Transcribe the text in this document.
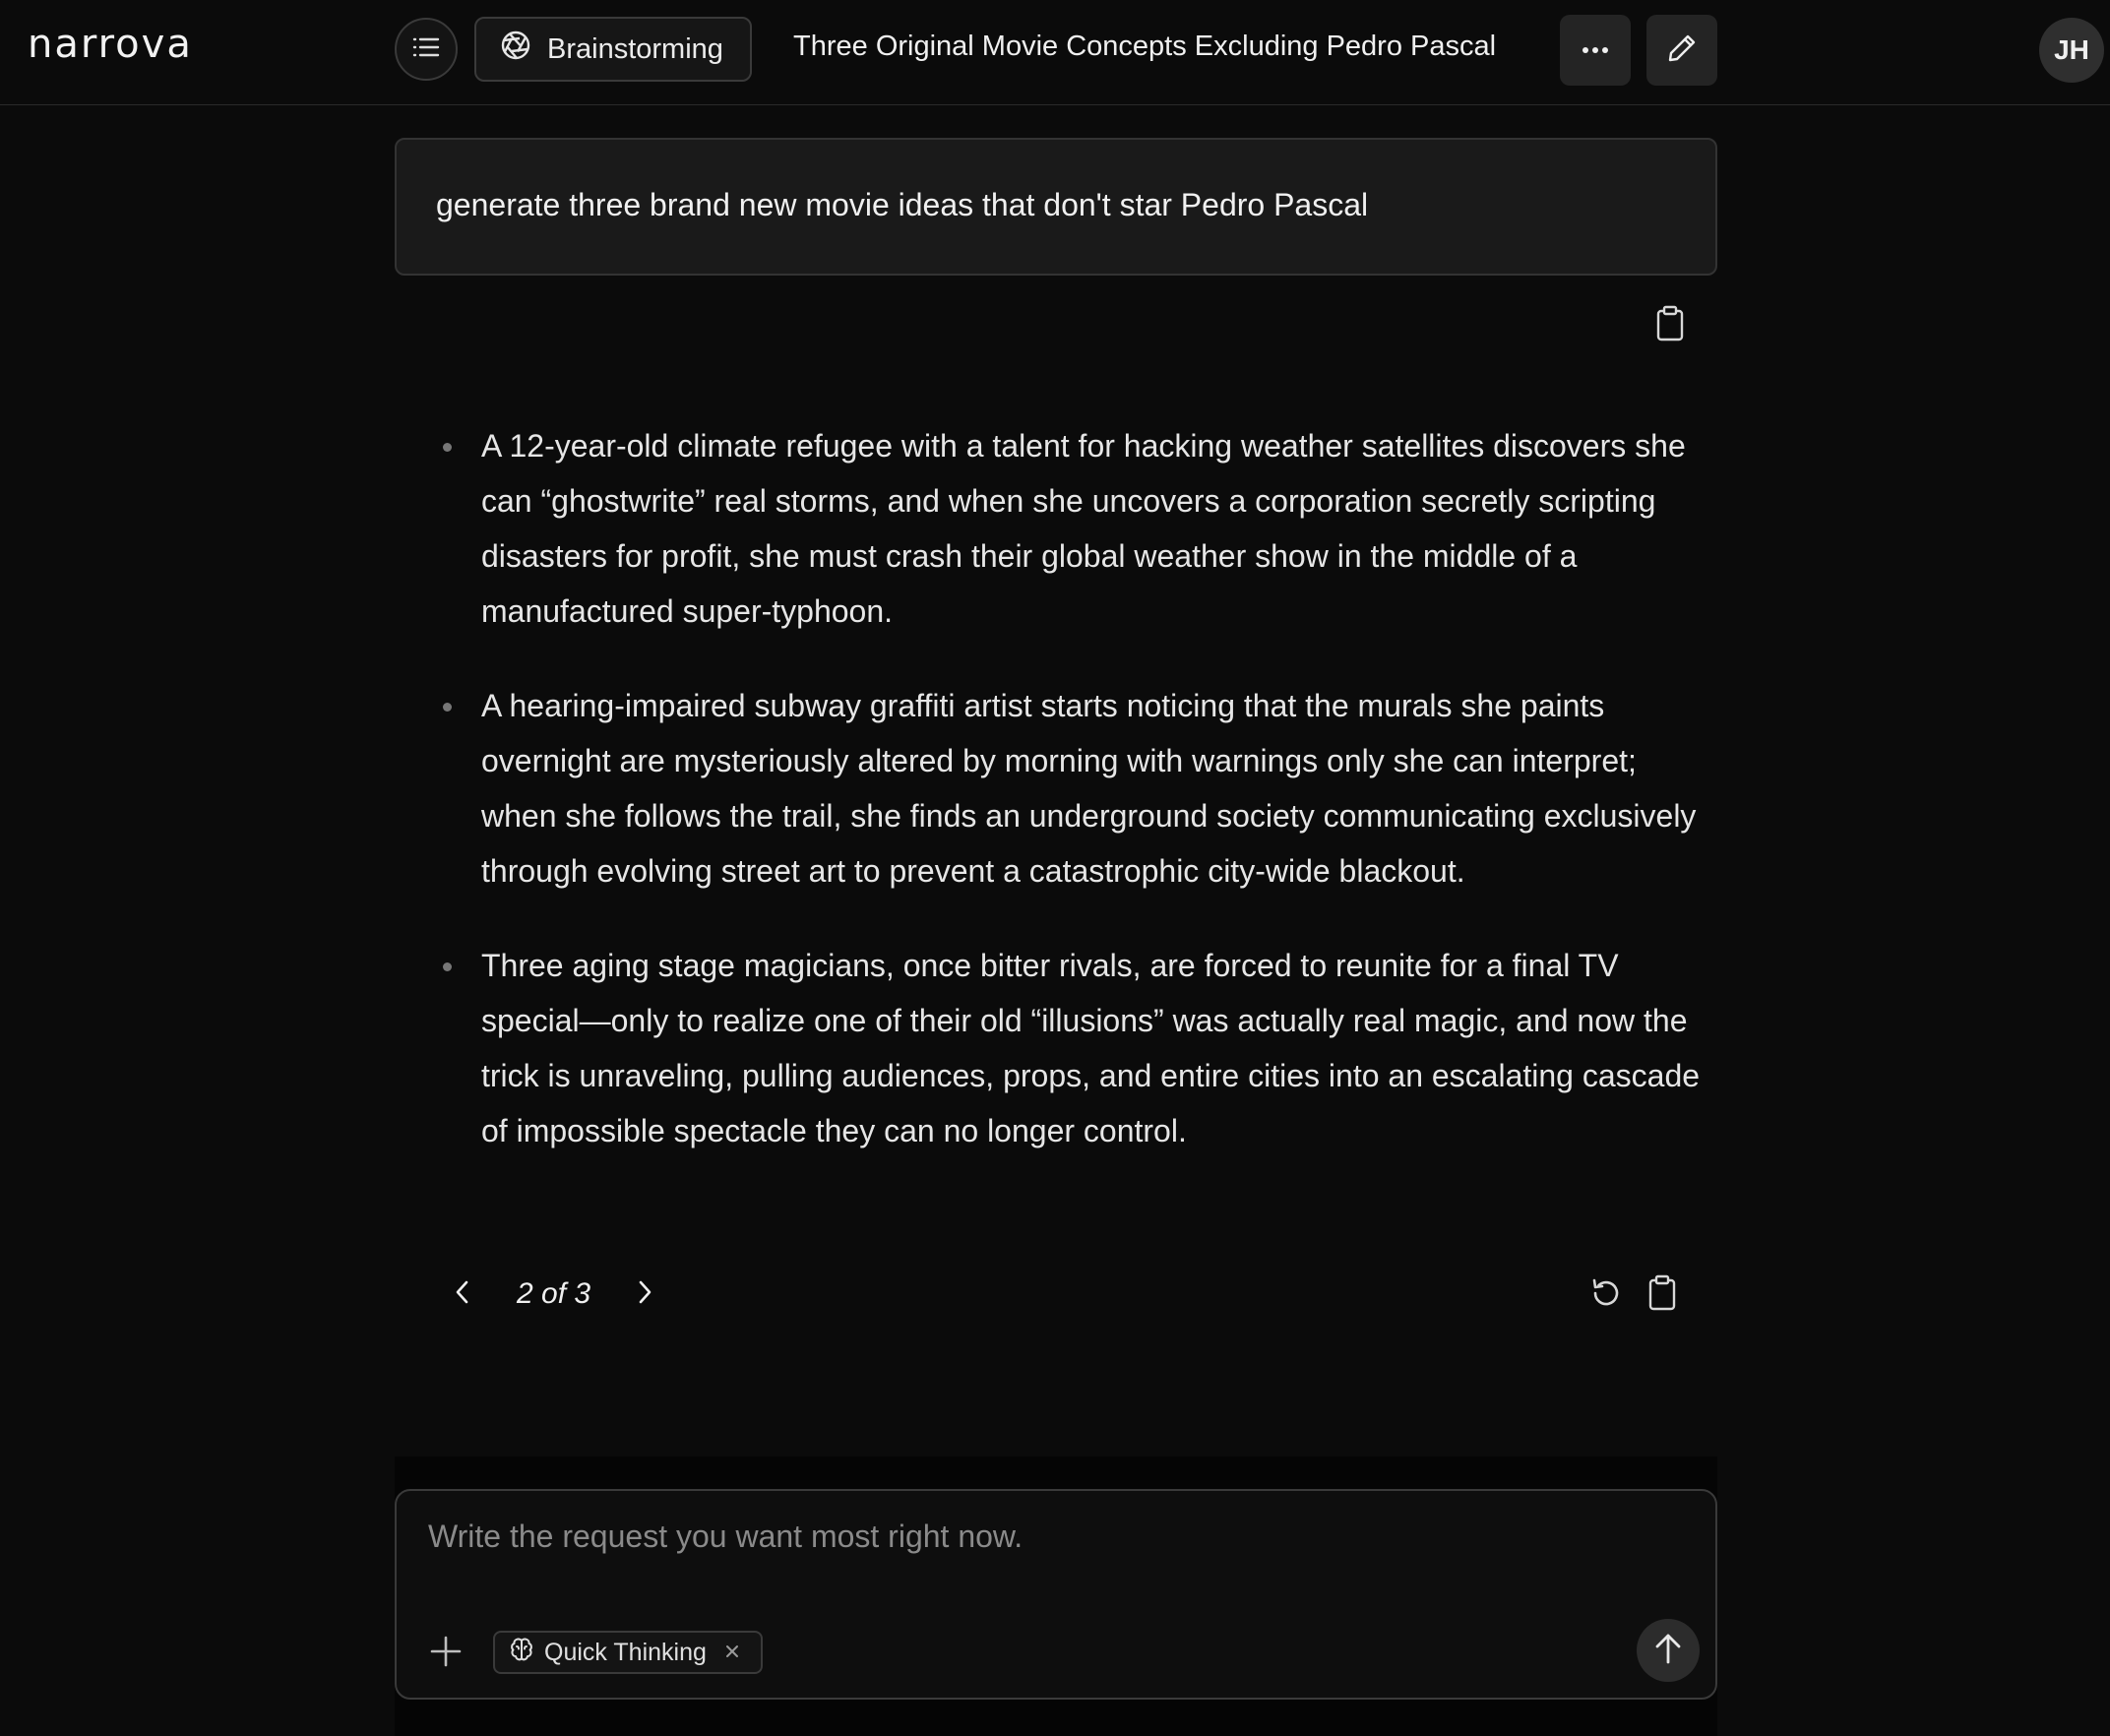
narrova	Brainstorming Three Original Movie Concepts Excluding Pedro Pascal	JH
generate three brand new movie ideas that don't star Pedro Pascal
A 12-year-old climate refugee with a talent for hacking weather satellites discovers she can “ghostwrite” real storms, and when she uncovers a corporation secretly scripting disasters for profit, she must crash their global weather show in the middle of a manufactured super-typhoon.
A hearing-impaired subway graffiti artist starts noticing that the murals she paints overnight are mysteriously altered by morning with warnings only she can interpret; when she follows the trail, she finds an underground society communicating exclusively through evolving street art to prevent a catastrophic city-wide blackout.
Three aging stage magicians, once bitter rivals, are forced to reunite for a final TV special—only to realize one of their old “illusions” was actually real magic, and now the trick is unraveling, pulling audiences, props, and entire cities into an escalating cascade of impossible spectacle they can no longer control.
2 of 3
Write the request you want most right now.
Quick Thinking
